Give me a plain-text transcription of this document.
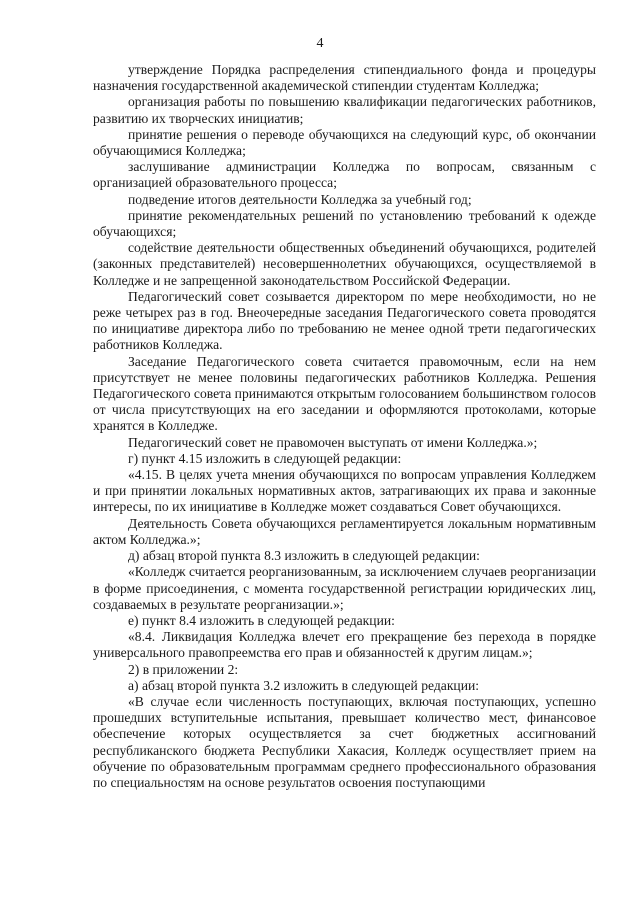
4

утверждение Порядка распределения стипендиального фонда и процедуры назначения государственной академической стипендии студентам Колледжа;

организация работы по повышению квалификации педагогических работников, развитию их творческих инициатив;

принятие решения о переводе обучающихся на следующий курс, об окончании обучающимися Колледжа;

заслушивание администрации Колледжа по вопросам, связанным с организацией образовательного процесса;

подведение итогов деятельности Колледжа за учебный год;

принятие рекомендательных решений по установлению требований к одежде обучающихся;

содействие деятельности общественных объединений обучающихся, родителей (законных представителей) несовершеннолетних обучающихся, осуществляемой в Колледже и не запрещенной законодательством Российской Федерации.

Педагогический совет созывается директором по мере необходимости, но не реже четырех раз в год. Внеочередные заседания Педагогического совета проводятся по инициативе директора либо по требованию не менее одной трети педагогических работников Колледжа.

Заседание Педагогического совета считается правомочным, если на нем присутствует не менее половины педагогических работников Колледжа. Решения Педагогического совета принимаются открытым голосованием большинством голосов от числа присутствующих на его заседании и оформляются протоколами, которые хранятся в Колледже.

Педагогический совет не правомочен выступать от имени Колледжа.»;

г) пункт 4.15 изложить в следующей редакции:

«4.15. В целях учета мнения обучающихся по вопросам управления Колледжем и при принятии локальных нормативных актов, затрагивающих их права и законные интересы, по их инициативе в Колледже может создаваться Совет обучающихся.

Деятельность Совета обучающихся регламентируется локальным нормативным актом Колледжа.»;

д) абзац второй пункта 8.3 изложить в следующей редакции:

«Колледж считается реорганизованным, за исключением случаев реорганизации в форме присоединения, с момента государственной регистрации юридических лиц, создаваемых в результате реорганизации.»;

е) пункт 8.4 изложить в следующей редакции:

«8.4. Ликвидация Колледжа влечет его прекращение без перехода в порядке универсального правопреемства его прав и обязанностей к другим лицам.»;

2) в приложении 2:

а) абзац второй пункта 3.2 изложить в следующей редакции:

«В случае если численность поступающих, включая поступающих, успешно прошедших вступительные испытания, превышает количество мест, финансовое обеспечение которых осуществляется за счет бюджетных ассигнований республиканского бюджета Республики Хакасия, Колледж осуществляет прием на обучение по образовательным программам среднего профессионального образования по специальностям на основе результатов освоения поступающими
